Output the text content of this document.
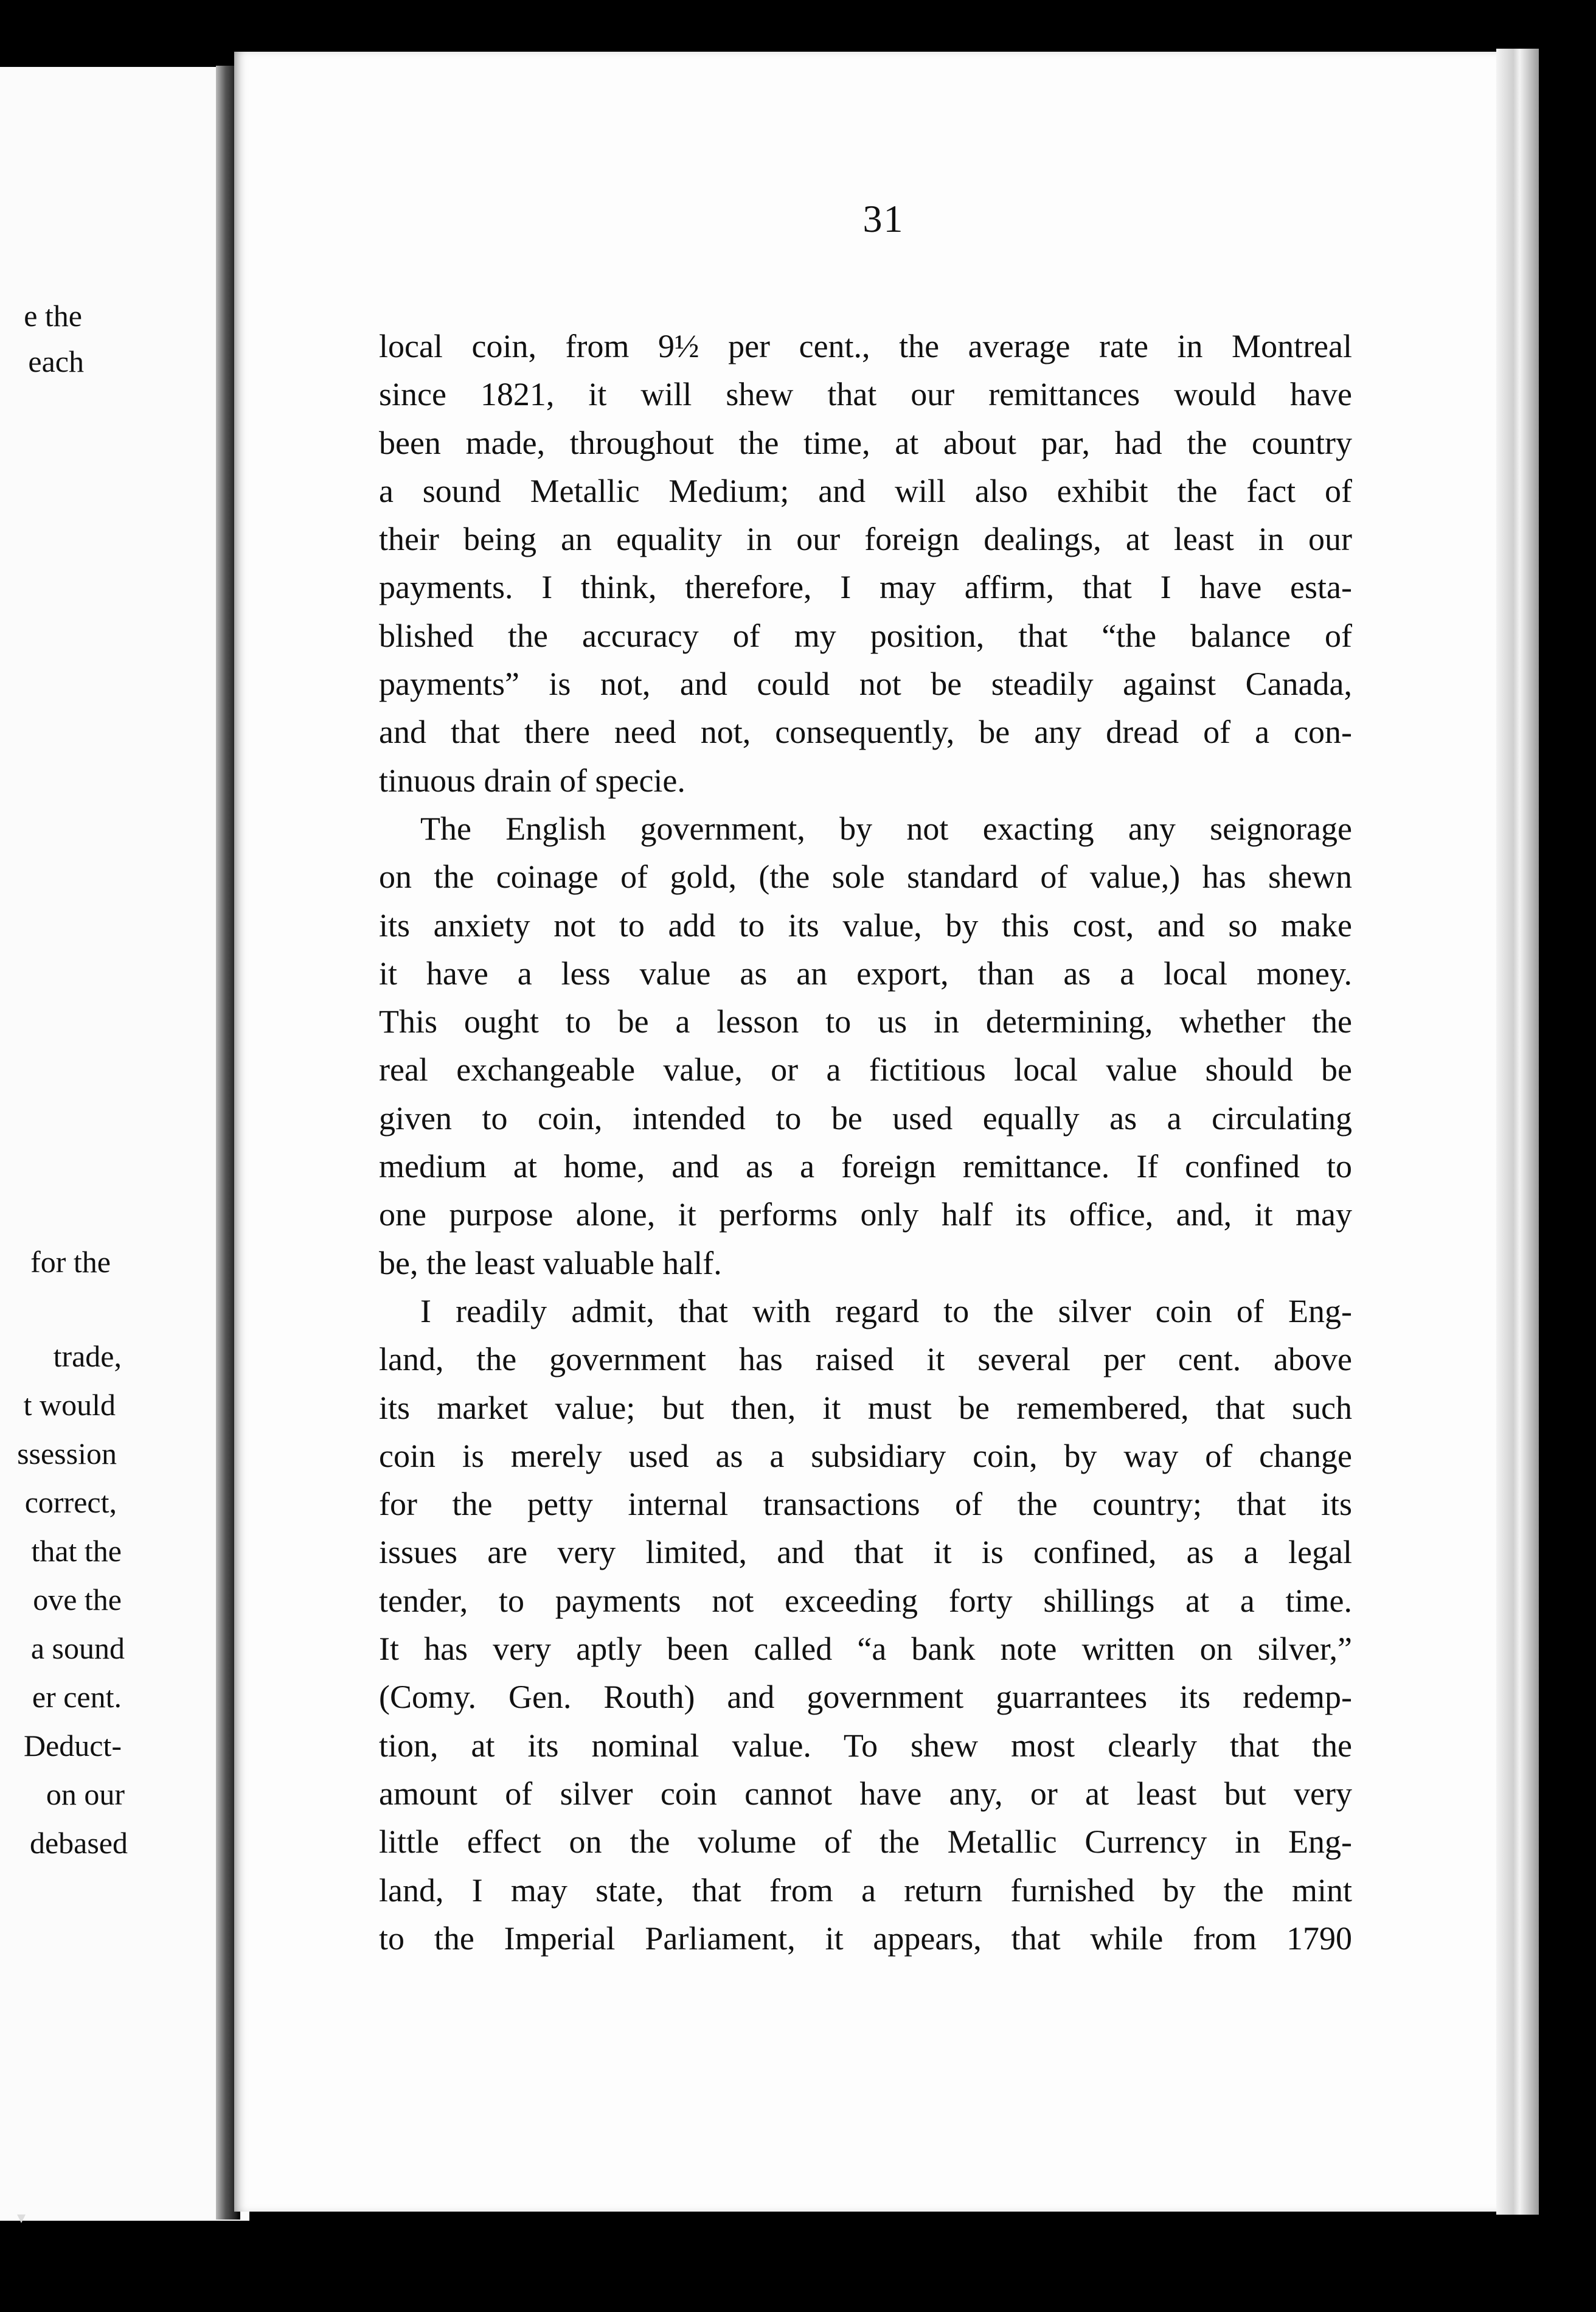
e the
each
for the
trade,
t would
ssession
correct,
that the
ove the
a sound
er cent.
Deduct-
on our
debased
31
local coin, from 9½ per cent., the average rate in Montreal
since 1821, it will shew that our remittances would have
been made, throughout the time, at about par, had the country
a sound Metallic Medium; and will also exhibit the fact of
their being an equality in our foreign dealings, at least in our
payments. I think, therefore, I may affirm, that I have esta-
blished the accuracy of my position, that “the balance of
payments” is not, and could not be steadily against Canada,
and that there need not, consequently, be any dread of a con-
tinuous drain of specie.
The English government, by not exacting any seignorage
on the coinage of gold, (the sole standard of value,) has shewn
its anxiety not to add to its value, by this cost, and so make
it have a less value as an export, than as a local money.
This ought to be a lesson to us in determining, whether the
real exchangeable value, or a fictitious local value should be
given to coin, intended to be used equally as a circulating
medium at home, and as a foreign remittance. If confined to
one purpose alone, it performs only half its office, and, it may
be, the least valuable half.
I readily admit, that with regard to the silver coin of Eng-
land, the government has raised it several per cent. above
its market value; but then, it must be remembered, that such
coin is merely used as a subsidiary coin, by way of change
for the petty internal transactions of the country; that its
issues are very limited, and that it is confined, as a legal
tender, to payments not exceeding forty shillings at a time.
It has very aptly been called “a bank note written on silver,”
(Comy. Gen. Routh) and government guarrantees its redemp-
tion, at its nominal value. To shew most clearly that the
amount of silver coin cannot have any, or at least but very
little effect on the volume of the Metallic Currency in Eng-
land, I may state, that from a return furnished by the mint
to the Imperial Parliament, it appears, that while from 1790
▾
